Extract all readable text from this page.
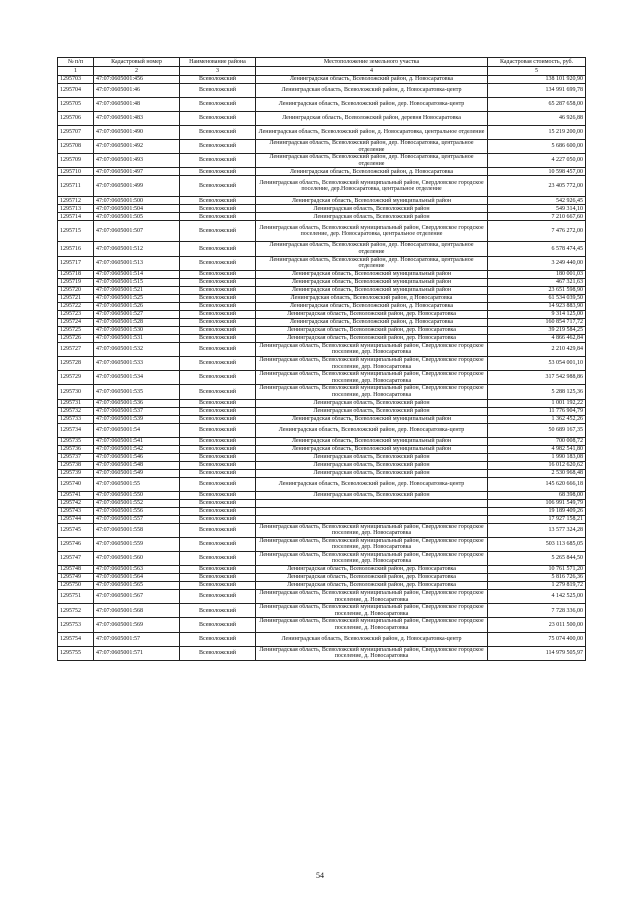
№ п/п	Кадастровый номер	Наименование района	Местоположение земельного участка	Кадастровая стоимость, руб.
1	2	3	4	5
1295703	47:07:0605001:456	Всеволожский	Ленинградская область, Всеволожский район, д. Новосаратовка	138 101 920,90
1295704	47:07:0605001:46	Всеволожский	Ленинградская область, Всеволожский район, д. Новосаратовка-центр	134 991 699,78
1295705	47:07:0605001:48	Всеволожский	Ленинградская область, Всеволожский район, дер. Новосаратовка-центр	65 287 658,00
1295706	47:07:0605001:483	Всеволожский	Ленинградская область, Всеволожский район, деревня Новосаратовка	46 926,88
1295707	47:07:0605001:490	Всеволожский	Ленинградская область, Всеволожский район, д. Новосаратовка, центральное отделение	15 219 200,00
1295708	47:07:0605001:492	Всеволожский	Ленинградская область, Всеволожский район, дер. Новосаратовка, центральное отделение	5 686 600,00
1295709	47:07:0605001:493	Всеволожский	Ленинградская область, Всеволожский район, дер. Новосаратовка, центральное отделение	4 227 050,00
1295710	47:07:0605001:497	Всеволожский	Ленинградская область, Всеволожский район, д. Новосаратовка	10 598 457,00
1295711	47:07:0605001:499	Всеволожский	Ленинградская область, Всеволожский муниципальный район, Свердловское городское поселение, дер.Новосаратовка, центральное отделение	23 405 772,00
1295712	47:07:0605001:500	Всеволожский	Ленинградская область, Всеволожский муниципальный район	542 926,45
1295713	47:07:0605001:504	Всеволожский	Ленинградская область, Всеволожский район	549 314,10
1295714	47:07:0605001:505	Всеволожский	Ленинградская область, Всеволожский район	7 210 667,60
1295715	47:07:0605001:507	Всеволожский	Ленинградская область, Всеволожский муниципальный район, Свердловское городское поселение, дер. Новосаратовка, центральное отделение	7 476 272,00
1295716	47:07:0605001:512	Всеволожский	Ленинградская область, Всеволожский район, дер. Новосаратовка, центральное отделение	6 578 474,45
1295717	47:07:0605001:513	Всеволожский	Ленинградская область, Всеволожский район, дер. Новосаратовка, центральное отделение	3 249 440,00
1295718	47:07:0605001:514	Всеволожский	Ленинградская область, Всеволожский муниципальный район	180 001,03
1295719	47:07:0605001:515	Всеволожский	Ленинградская область, Всеволожский муниципальный район	467 321,63
1295720	47:07:0605001:521	Всеволожский	Ленинградская область, Всеволожский муниципальный район	23 651 598,90
1295721	47:07:0605001:525	Всеволожский	Ленинградская область, Всеволожский район, д Новосаратовка	61 534 039,50
1295722	47:07:0605001:526	Всеволожский	Ленинградская область, Всеволожский район, д. Новосаратовка	14 923 883,90
1295723	47:07:0605001:527	Всеволожский	Ленинградская область, Всеволожский район, дер. Новосаратовка	9 314 125,00
1295724	47:07:0605001:528	Всеволожский	Ленинградская область, Всеволожский район, д. Новосаратовка	160 854 717,72
1295725	47:07:0605001:530	Всеволожский	Ленинградская область, Всеволожский район, дер. Новосаратовка	39 219 584,25
1295726	47:07:0605001:531	Всеволожский	Ленинградская область, Всеволожский район, дер. Новосаратовка	4 866 462,84
1295727	47:07:0605001:532	Всеволожский	Ленинградская область, Всеволожский муниципальный район, Свердловское городское поселение, дер. Новосаратовка	2 210 429,84
1295728	47:07:0605001:533	Всеволожский	Ленинградская область, Всеволожский муниципальный район, Свердловское городское поселение, дер. Новосаратовка	53 054 001,10
1295729	47:07:0605001:534	Всеволожский	Ленинградская область, Всеволожский муниципальный район, Свердловское городское поселение, дер. Новосаратовка	317 542 988,86
1295730	47:07:0605001:535	Всеволожский	Ленинградская область, Всеволожский муниципальный район, Свердловское городское поселение, дер. Новосаратовка	5 288 125,36
1295731	47:07:0605001:536	Всеволожский	Ленинградская область, Всеволожский район	1 001 192,22
1295732	47:07:0605001:537	Всеволожский	Ленинградская область, Всеволожский район	11 776 904,79
1295733	47:07:0605001:539	Всеволожский	Ленинградская область, Всеволожский муниципальный район	1 362 452,26
1295734	47:07:0605001:54	Всеволожский	Ленинградская область, Всеволожский район, дер. Новосаратовка-центр	50 689 167,35
1295735	47:07:0605001:541	Всеволожский	Ленинградская область, Всеволожский муниципальный район	700 008,72
1295736	47:07:0605001:542	Всеволожский	Ленинградская область, Всеволожский муниципальный район	4 982 541,80
1295737	47:07:0605001:546	Всеволожский	Ленинградская область, Всеволожский район	1 990 183,08
1295738	47:07:0605001:548	Всеволожский	Ленинградская область, Всеволожский район	16 012 620,62
1295739	47:07:0605001:549	Всеволожский	Ленинградская область, Всеволожский район	2 530 968,48
1295740	47:07:0605001:55	Всеволожский	Ленинградская область, Всеволожский район, дер. Новосаратовка-центр	145 620 666,18
1295741	47:07:0605001:550	Всеволожский	Ленинградская область, Всеволожский район	68 398,00
1295742	47:07:0605001:552	Всеволожский		106 991 549,79
1295743	47:07:0605001:556	Всеволожский		19 189 409,26
1295744	47:07:0605001:557	Всеволожский		17 927 158,21
1295745	47:07:0605001:558	Всеволожский	Ленинградская область, Всеволожский муниципальный район, Свердловское городское поселение, дер. Новосаратовка	13 577 324,28
1295746	47:07:0605001:559	Всеволожский	Ленинградская область, Всеволожский муниципальный район, Свердловское городское поселение, дер. Новосаратовка	503 113 685,05
1295747	47:07:0605001:560	Всеволожский	Ленинградская область, Всеволожский муниципальный район, Свердловское городское поселение, дер. Новосаратовка	5 265 844,50
1295748	47:07:0605001:563	Всеволожский	Ленинградская область, Всеволожский район, дер. Новосаратовка	10 761 571,20
1295749	47:07:0605001:564	Всеволожский	Ленинградская область, Всеволожский район, дер. Новосаратовка	5 816 726,36
1295750	47:07:0605001:565	Всеволожский	Ленинградская область, Всеволожский район, дер. Новосаратовка	1 279 819,72
1295751	47:07:0605001:567	Всеволожский	Ленинградская область, Всеволожский муниципальный район, Свердловское городское поселение, д. Новосаратовка	4 142 525,00
1295752	47:07:0605001:568	Всеволожский	Ленинградская область, Всеволожский муниципальный район, Свердловское городское поселение, д. Новосаратовка	7 728 336,00
1295753	47:07:0605001:569	Всеволожский	Ленинградская область, Всеволожский муниципальный район, Свердловское городское поселение, д. Новосаратовка	23 011 500,00
1295754	47:07:0605001:57	Всеволожский	Ленинградская область, Всеволожский район, д. Новосаратовка-центр	75 074 400,00
1295755	47:07:0605001:571	Всеволожский	Ленинградская область, Всеволожский муниципальный район, Свердловское городское поселение, д. Новосаратовка	114 979 505,97
54
